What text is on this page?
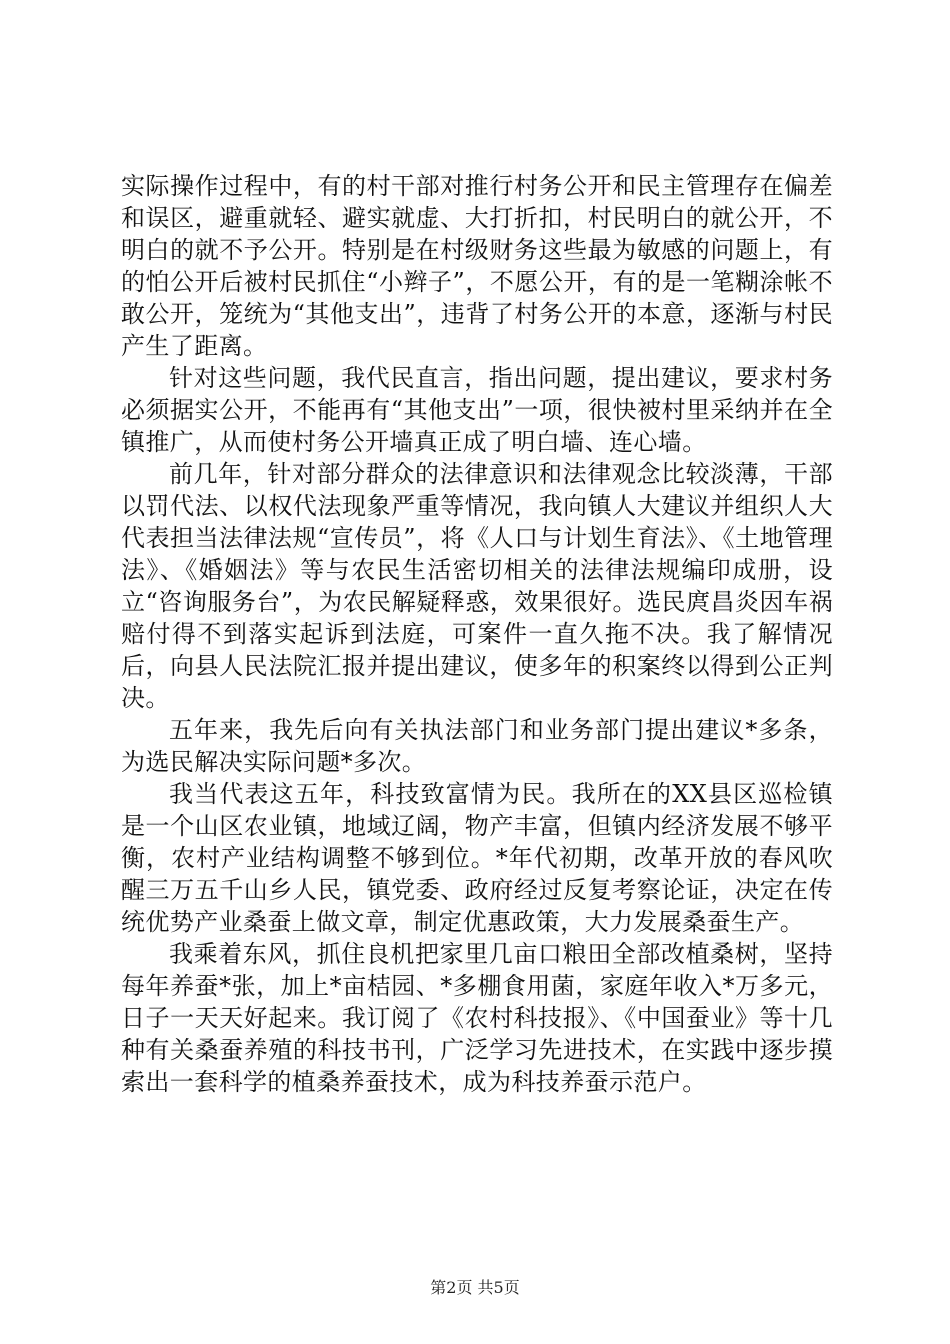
实际操作过程中，有的村干部对推行村务公开和民主管理存在偏差和误区，避重就轻、避实就虚、大打折扣，村民明白的就公开，不明白的就不予公开。特别是在村级财务这些最为敏感的问题上，有的怕公开后被村民抓住“小辫子”，不愿公开，有的是一笔糊涂帐不敢公开，笼统为“其他支出”，违背了村务公开的本意，逐渐与村民产生了距离。

针对这些问题，我代民直言，指出问题，提出建议，要求村务必须据实公开，不能再有“其他支出”一项，很快被村里采纳并在全镇推广，从而使村务公开墙真正成了明白墙、连心墙。

前几年，针对部分群众的法律意识和法律观念比较淡薄，干部以罚代法、以权代法现象严重等情况，我向镇人大建议并组织人大代表担当法律法规“宣传员”，将《人口与计划生育法》、《土地管理法》、《婚姻法》等与农民生活密切相关的法律法规编印成册，设立“咨询服务台”，为农民解疑释惑，效果很好。选民庹昌炎因车祸赔付得不到落实起诉到法庭，可案件一直久拖不决。我了解情况后，向县人民法院汇报并提出建议，使多年的积案终以得到公正判决。

五年来，我先后向有关执法部门和业务部门提出建议*多条，为选民解决实际问题*多次。

我当代表这五年，科技致富情为民。我所在的XX县区巡检镇是一个山区农业镇，地域辽阔，物产丰富，但镇内经济发展不够平衡，农村产业结构调整不够到位。*年代初期，改革开放的春风吹醒三万五千山乡人民，镇党委、政府经过反复考察论证，决定在传统优势产业桑蚕上做文章，制定优惠政策，大力发展桑蚕生产。

我乘着东风，抓住良机把家里几亩口粮田全部改植桑树，坚持每年养蚕*张，加上*亩桔园、*多棚食用菌，家庭年收入*万多元，日子一天天好起来。我订阅了《农村科技报》、《中国蚕业》等十几种有关桑蚕养殖的科技书刊，广泛学习先进技术，在实践中逐步摸索出一套科学的植桑养蚕技术，成为科技养蚕示范户。

第2页 共5页
